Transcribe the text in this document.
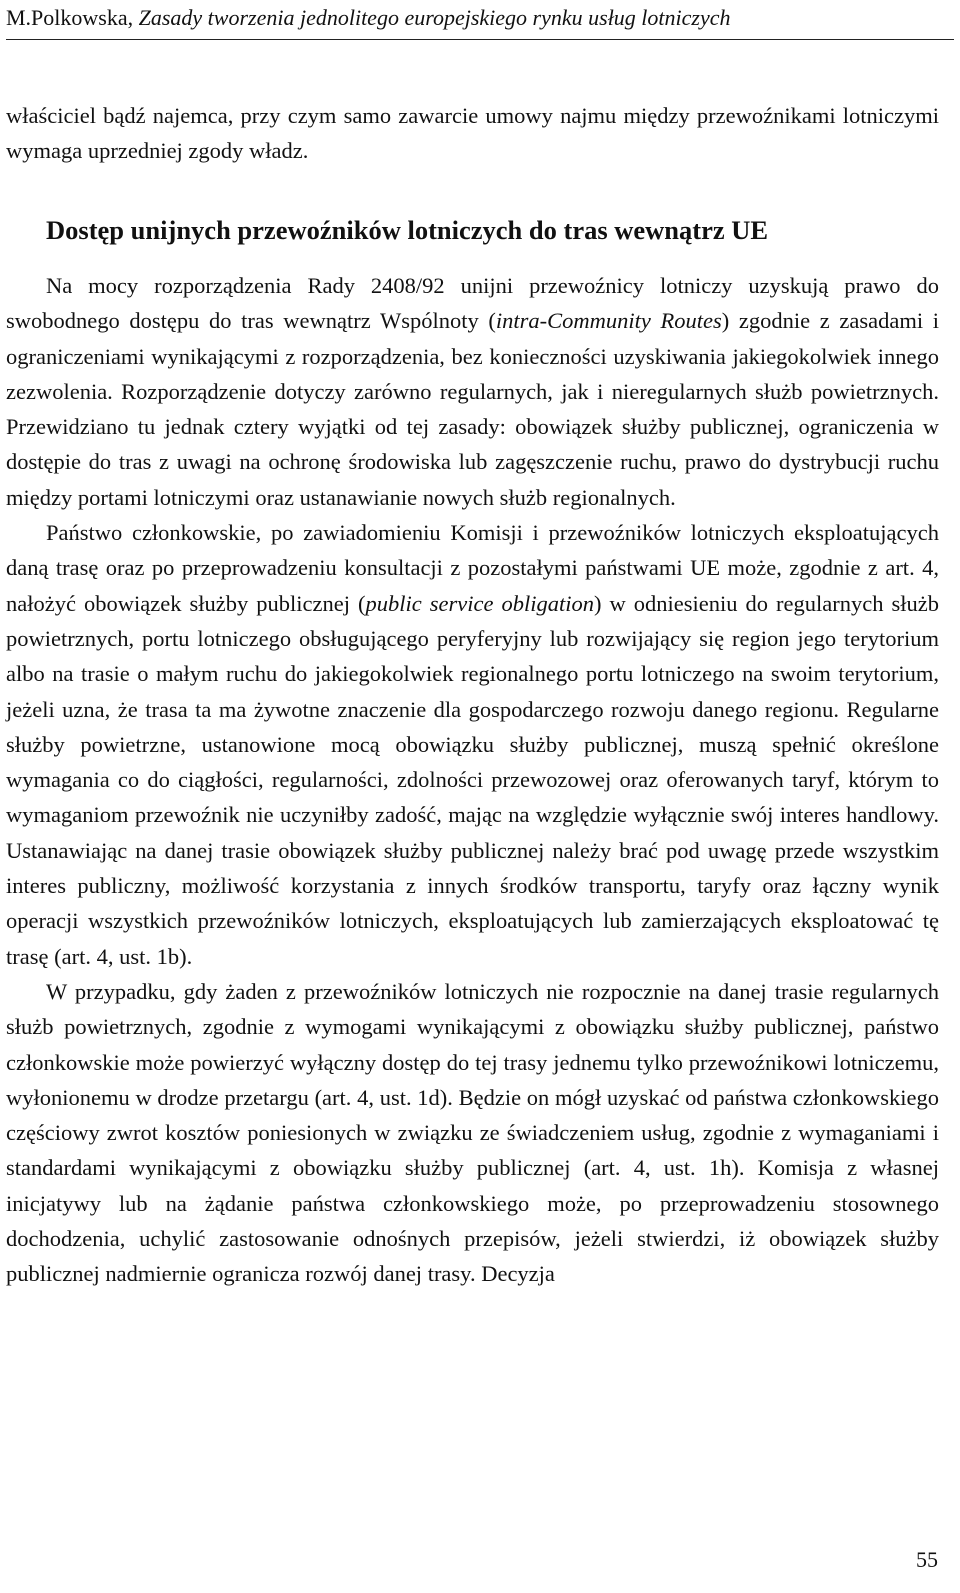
M.Polkowska, Zasady tworzenia jednolitego europejskiego rynku usług lotniczych

właściciel bądź najemca, przy czym samo zawarcie umowy najmu między przewoźnikami lotniczymi wymaga uprzedniej zgody władz.

Dostęp unijnych przewoźników lotniczych do tras wewnątrz UE

Na mocy rozporządzenia Rady 2408/92 unijni przewoźnicy lotniczy uzyskują prawo do swobodnego dostępu do tras wewnątrz Wspólnoty (intra-Community Routes) zgodnie z zasadami i ograniczeniami wynikającymi z rozporządzenia, bez konieczności uzyskiwania jakiegokolwiek innego zezwolenia. Rozporządzenie dotyczy zarówno regularnych, jak i nieregularnych służb powietrznych. Przewidziano tu jednak cztery wyjątki od tej zasady: obowiązek służby publicznej, ograniczenia w dostępie do tras z uwagi na ochronę środowiska lub zagęszczenie ruchu, prawo do dystrybucji ruchu między portami lotniczymi oraz ustanawianie nowych służb regionalnych.

Państwo członkowskie, po zawiadomieniu Komisji i przewoźników lotniczych eksploatujących daną trasę oraz po przeprowadzeniu konsultacji z pozostałymi państwami UE może, zgodnie z art. 4, nałożyć obowiązek służby publicznej (public service obligation) w odniesieniu do regularnych służb powietrznych, portu lotniczego obsługującego peryferyjny lub rozwijający się region jego terytorium albo na trasie o małym ruchu do jakiegokolwiek regionalnego portu lotniczego na swoim terytorium, jeżeli uznа, że trasa ta ma żywotne znaczenie dla gospodarczego rozwoju danego regionu. Regularne służby powietrzne, ustanowione mocą obowiązku służby publicznej, muszą spełnić określone wymagania co do ciągłości, regularności, zdolności przewozowej oraz oferowanych taryf, którym to wymaganiom przewoźnik nie uczyniłby zadość, mając na względzie wyłącznie swój interes handlowy. Ustanawiając na danej trasie obowiązek służby publicznej należy brać pod uwagę przede wszystkim interes publiczny, możliwość korzystania z innych środków transportu, taryfy oraz łączny wynik operacji wszystkich przewoźników lotniczych, eksploatujących lub zamierzających eksploatować tę trasę (art. 4, ust. 1b).

W przypadku, gdy żaden z przewoźników lotniczych nie rozpocznie na danej trasie regularnych służb powietrznych, zgodnie z wymogami wynikającymi z obowiązku służby publicznej, państwo członkowskie może powierzyć wyłączny dostęp do tej trasy jednemu tylko przewoźnikowi lotniczemu, wyłonionemu w drodze przetargu (art. 4, ust. 1d). Będzie on mógł uzyskać od państwa członkowskiego częściowy zwrot kosztów poniesionych w związku ze świadczeniem usług, zgodnie z wymaganiami i standardami wynikającymi z obowiązku służby publicznej (art. 4, ust. 1h). Komisja z własnej inicjatywy lub na żądanie państwa członkowskiego może, po przeprowadzeniu stosownego dochodzenia, uchylić zastosowanie odnośnych przepisów, jeżeli stwierdzi, iż obowiązek służby publicznej nadmiernie ogranicza rozwój danej trasy. Decyzja

55
